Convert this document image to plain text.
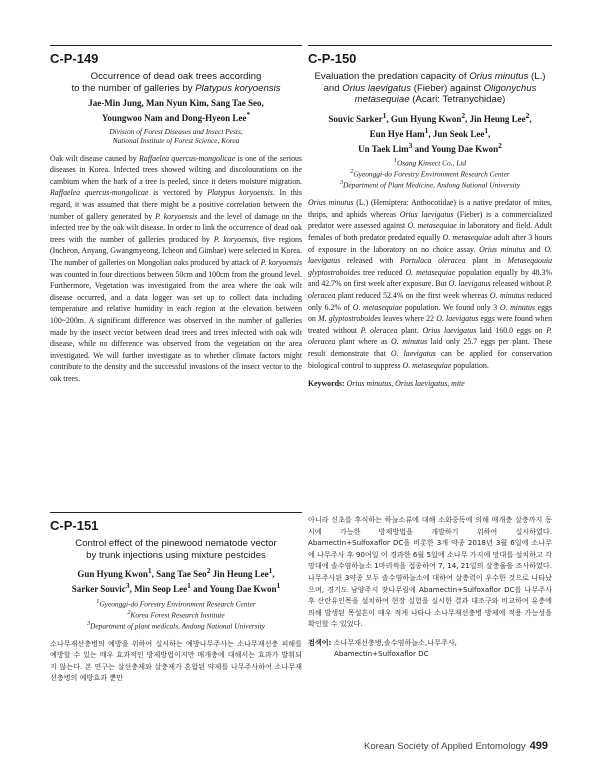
C-P-149
Occurrence of dead oak trees according
to the number of galleries by Platypus koryoensis
Jae-Min Jung, Man Nyun Kim, Sang Tae Seo,
Youngwoo Nam and Dong-Hyeon Lee*
Division of Forest Diseases and Insect Pests,
National Institute of Forest Science, Korea
Oak wilt disease caused by Raffaelea quercus-mongolicae is one of the serious diseases in Korea. Infected trees showed wilting and discolourations on the cambium when the bark of a tree is peeled, since it deters moisture migration. Raffaelea quercus-mongolicae is vectored by Platypus koryoensis. In this regard, it was assumed that there might be a positive correlation between the number of gallery generated by P. koryoensis and the level of damage on the infected tree by the oak wilt disease. In order to link the occurrence of dead oak trees with the number of galleries produced by P. koryoensis, five regions (Incheon, Anyang, Gwangmyeong, Icheon and Gimhae) were selected in Korea. The number of galleries on Mongolian oaks produced by attack of P. koryoensis was counted in four directions between 50cm and 100cm from the ground level. Furthermore, Vegetation was investigated from the area where the oak wilt disease occurred, and a data logger was set up to collect data including temperature and relative humidity in each region at the elevation between 100~200m. A significant difference was observed in the number of galleries made by the insect vector between dead trees and trees infected with oak wilt disease, while no difference was observed from the vegetation on the area investigated. We will further investigate as to whether climate factors might contribute to the density and the successful invasions of the insect vector to the oak trees.
C-P-150
Evaluation the predation capacity of Orius minutus (L.)
and Orius laevigatus (Fieber) against Oligonychus
metasequiae (Acari: Tetranychidae)
Souvic Sarker$^1$, Gun Hyung Kwon$^2$, Jin Heung Lee$^2$,
Eun Hye Ham$^1$, Jun Seok Lee$^1$,
Un Taek Lim$^3$ and Young Dae Kwon$^2$
$^1$Osang Kinsect Co., Ltd
$^2$Gyeonggi-do Forestry Environment Research Center
$^3$Department of Plant Medicine, Andong National University
Orius minutus (L.) (Hemiptera: Anthocotidae) is a native predator of mites, thrips, and aphids whereas Orius laevigatus (Fieber) is a commercialized predator were assessed against O. metasequiae in laboratory and field. Adult females of both predator predated equally O. metasequiae adult after 3 hours of exposure in the laboratory on no choice assay. Orius minutus and O. laevigatus released with Portulaca oleracea plant in Metasequouia glyptostroboides tree reduced O. metasequiae population equally by 48.3% and 42.7% on first week after exposure. But O. laevigatus released without P. oleracea plant reduced 52.4% on the first week whereas O. minutus reduced only 6.2% of O. metasequiae population. We found only 3 O. minutus eggs on M. glyptostroboides leaves where 22 O. laevigatus eggs were found when treated without P. oleracea plant. Orius laevigatus laid 160.0 eggs on P. oleracea plant where as O. minutus laid only 25.7 eggs per plant. These result demonstrate that O. laevigatus can be applied for conservation biological control to suppress O. metasequiae population.
Keywords: Orius minutus, Orius laevigatus, mite
C-P-151
Control effect of the pinewood nematode vector
by trunk injections using mixture pestcides
Gun Hyung Kwon$^1$, Sang Tae Seo$^2$ Jin Heung Lee$^1$,
Sarker Souvic$^3$, Min Seop Lee$^1$ and Young Dae Kwon$^1$
$^1$Gyeonggi-do Forestry Environment Research Center
$^2$Korea Forest Research Institute
$^3$Department of plant medicals, Andong National University
소나무재선충병의 예방을 위하여 실시하는 예방나무주사는 소나무재선충 피해를 예방할 수 있는 매우 효과적인 방제방법이지만 매개충에 대해서는 효과가 발휘되지 않는다. 본 연구는 살선충제와 살충제가 혼합된 약제를 나무주사하여 소나무재선충병의 예방효과 뿐만
아니라 신초를 후식하는 하늘소류에 대해 소화중독에 의해 매개충 살충까지 동시에 가능한 방제방법을 개발하기 위하여 실시하였다. Abamectin+Sulfoxaflor DC을 비롯한 3개 약종 2018년 3월 6일에 소나무에 나무주사 후 90여일 이 경과한 6월 5일에 소나무 가지에 망대를 설치하고 각 망대에 솔수염하늘소 1마리씩을 접종하여 7, 14, 21일의 살충율을 조사하였다. 나무주사된 3약종 모두 솔수염하늘소에 대하여 살충력이 우수한 것으로 나타났으며, 경기도 남양주시 잣나무림에 Abamectin+Sulfoxaflor DC를 나무주사 후 산란유인목을 설치하여 현장 실험을 실시한 결과 대조구와 비교하여 유충에 의해 발생된 목설흔이 매우 적게 나타나 소나무재선충병 방제에 적용 가능성을 확인할 수 있었다.
검색어: 소나무재선충병,솔수염하늘소,나무주사,
Abamectin+Sulfoxaflor DC
Korean Society of Applied Entomology 499
